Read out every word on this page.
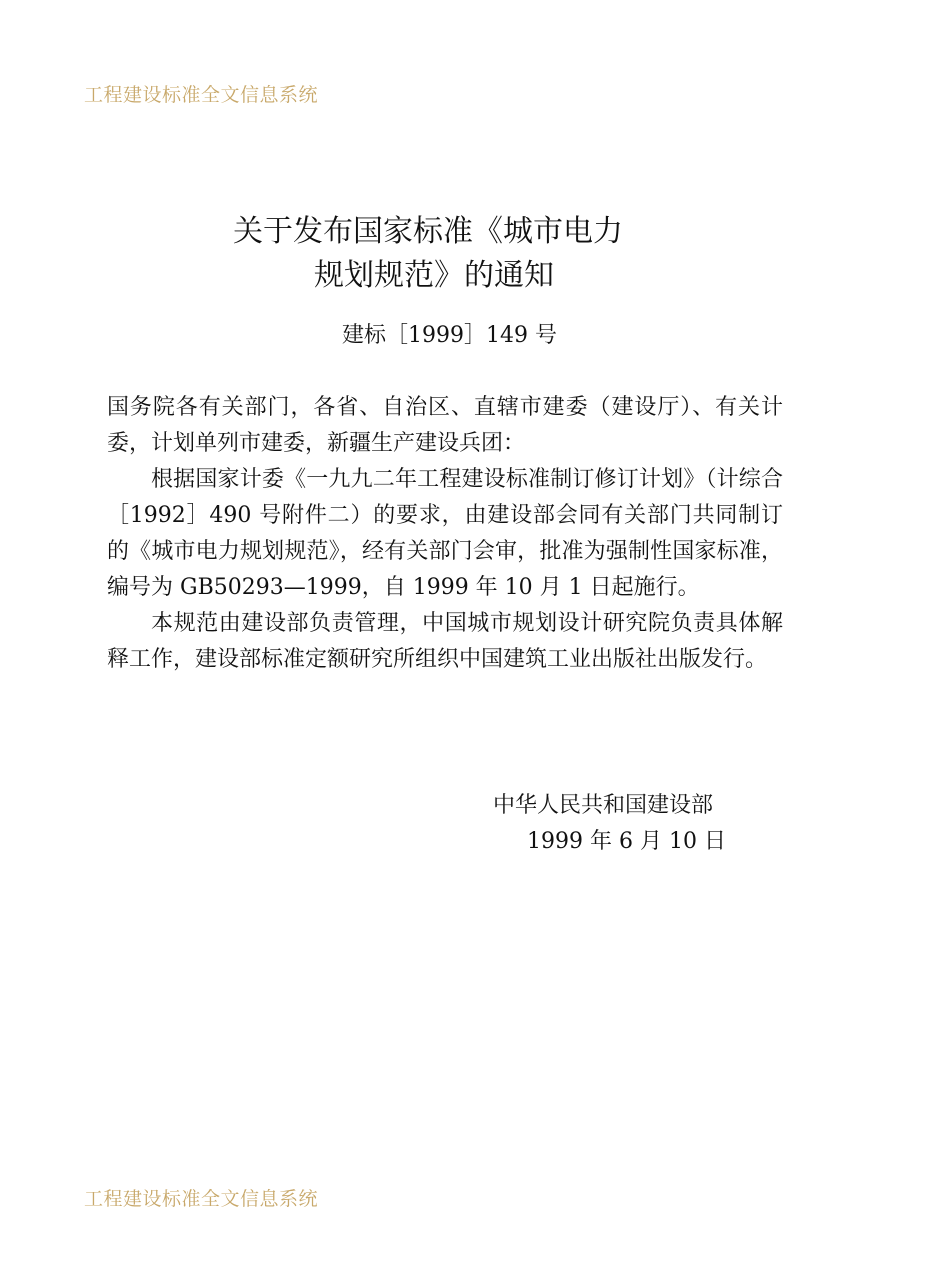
工程建设标准全文信息系统
关于发布国家标准《城市电力
规划规范》的通知
建标［1999］149 号

国务院各有关部门，各省、自治区、直辖市建委（建设厅）、有关计委，计划单列市建委，新疆生产建设兵团：

根据国家计委《一九九二年工程建设标准制订修订计划》（计综合［1992］490 号附件二）的要求，由建设部会同有关部门共同制订的《城市电力规划规范》，经有关部门会审，批准为强制性国家标准，编号为 GB50293—1999，自 1999 年 10 月 1 日起施行。

本规范由建设部负责管理，中国城市规划设计研究院负责具体解释工作，建设部标准定额研究所组织中国建筑工业出版社出版发行。

中华人民共和国建设部
1999 年 6 月 10 日
工程建设标准全文信息系统
